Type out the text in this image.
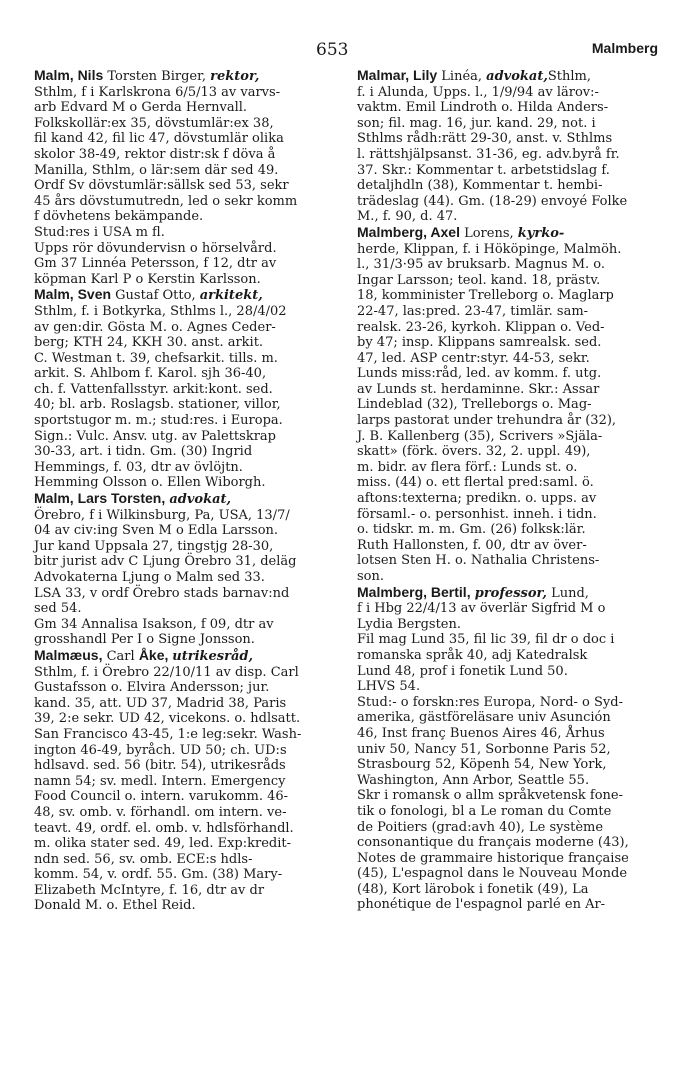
653	Malmberg
Malm, Nils Torsten Birger, rektor,
Sthlm, f i Karlskrona 6/5/13 av varvs-
arb Edvard M o Gerda Hernvall.
Folkskollär:ex 35, dövstumlär:ex 38,
fil kand 42, fil lic 47, dövstumlär olika
skolor 38-49, rektor distr:sk f döva å
Manilla, Sthlm, o lär:sem där sed 49.
Ordf Sv dövstumlär:sällsk sed 53, sekr
45 års dövstumutredn, led o sekr komm
f dövhetens bekämpande.
Stud:res i USA m fl.
Upps rör dövundervisn o hörselvård.
Gm 37 Linnéa Petersson, f 12, dtr av
köpman Karl P o Kerstin Karlsson.
Malm, Sven Gustaf Otto, arkitekt,
Sthlm, f. i Botkyrka, Sthlms l., 28/4/02
av gen:dir. Gösta M. o. Agnes Ceder-
berg; KTH 24, KKH 30. anst. arkit.
C. Westman t. 39, chefsarkit. tills. m.
arkit. S. Ahlbom f. Karol. sjh 36-40,
ch. f. Vattenfallsstyr. arkit:kont. sed.
40; bl. arb. Roslagsb. stationer, villor,
sportstugor m. m.; stud:res. i Europa.
Sign.: Vulc. Ansv. utg. av Palettskrap
30-33, art. i tidn. Gm. (30) Ingrid
Hemmings, f. 03, dtr av övlöjtn.
Hemming Olsson o. Ellen Wiborgh.
Malm, Lars Torsten, advokat,
Örebro, f i Wilkinsburg, Pa, USA, 13/7/
04 av civ:ing Sven M o Edla Larsson.
Jur kand Uppsala 27, tingstjg 28-30,
bitr jurist adv C Ljung Örebro 31, deläg
Advokaterna Ljung o Malm sed 33.
LSA 33, v ordf Örebro stads barnav:nd
sed 54.
Gm 34 Annalisa Isakson, f 09, dtr av
grosshandl Per I o Signe Jonsson.
Malmæus, Carl Åke, utrikesråd,
Sthlm, f. i Örebro 22/10/11 av disp. Carl
Gustafsson o. Elvira Andersson; jur.
kand. 35, att. UD 37, Madrid 38, Paris
39, 2:e sekr. UD 42, vicekons. o. hdlsatt.
San Francisco 43-45, 1:e leg:sekr. Wash-
ington 46-49, byråch. UD 50; ch. UD:s
hdlsavd. sed. 56 (bitr. 54), utrikesråds
namn 54; sv. medl. Intern. Emergency
Food Council o. intern. varukomm. 46-
48, sv. omb. v. förhandl. om intern. ve-
teavt. 49, ordf. el. omb. v. hdlsförhandl.
m. olika stater sed. 49, led. Exp:kredit-
ndn sed. 56, sv. omb. ECE:s hdls-
komm. 54, v. ordf. 55. Gm. (38) Mary-
Elizabeth McIntyre, f. 16, dtr av dr
Donald M. o. Ethel Reid.
Malmar, Lily Linéa, advokat,Sthlm,
f. i Alunda, Upps. l., 1/9/94 av lärov:-
vaktm. Emil Lindroth o. Hilda Anders-
son; fil. mag. 16, jur. kand. 29, not. i
Sthlms rådh:rätt 29-30, anst. v. Sthlms
l. rättshjälpsanst. 31-36, eg. adv.byrå fr.
37. Skr.: Kommentar t. arbetstidslag f.
detaljhdln (38), Kommentar t. hembi-
trädeslag (44). Gm. (18-29) envoyé Folke
M., f. 90, d. 47.
Malmberg, Axel Lorens, kyrko-
herde, Klippan, f. i Hököpinge, Malmöh.
l., 31/3·95 av bruksarb. Magnus M. o.
Ingar Larsson; teol. kand. 18, prästv.
18, komminister Trelleborg o. Maglarp
22-47, las:pred. 23-47, timlär. sam-
realsk. 23-26, kyrkoh. Klippan o. Ved-
by 47; insp. Klippans samrealsk. sed.
47, led. ASP centr:styr. 44-53, sekr.
Lunds miss:råd, led. av komm. f. utg.
av Lunds st. herdaminne. Skr.: Assar
Lindeblad (32), Trelleborgs o. Mag-
larps pastorat under trehundra år (32),
J. B. Kallenberg (35), Scrivers »Själa-
skatt» (förk. övers. 32, 2. uppl. 49),
m. bidr. av flera förf.: Lunds st. o.
miss. (44) o. ett flertal pred:saml. ö.
aftons:texterna; predikn. o. upps. av
församl.- o. personhist. inneh. i tidn.
o. tidskr. m. m. Gm. (26) folksk:lär.
Ruth Hallonsten, f. 00, dtr av över-
lotsen Sten H. o. Nathalia Christens-
son.
Malmberg, Bertil, professor, Lund,
f i Hbg 22/4/13 av överlär Sigfrid M o
Lydia Bergsten.
Fil mag Lund 35, fil lic 39, fil dr o doc i
romanska språk 40, adj Katedralsk
Lund 48, prof i fonetik Lund 50.
LHVS 54.
Stud:- o forskn:res Europa, Nord- o Syd-
amerika, gästföreläsare univ Asunción
46, Inst franç Buenos Aires 46, Århus
univ 50, Nancy 51, Sorbonne Paris 52,
Strasbourg 52, Köpenh 54, New York,
Washington, Ann Arbor, Seattle 55.
Skr i romansk o allm språkvetensk fone-
tik o fonologi, bl a Le roman du Comte
de Poitiers (grad:avh 40), Le système
consonantique du français moderne (43),
Notes de grammaire historique française
(45), L'espagnol dans le Nouveau Monde
(48), Kort lärobok i fonetik (49), La
phonétique de l'espagnol parlé en Ar-
